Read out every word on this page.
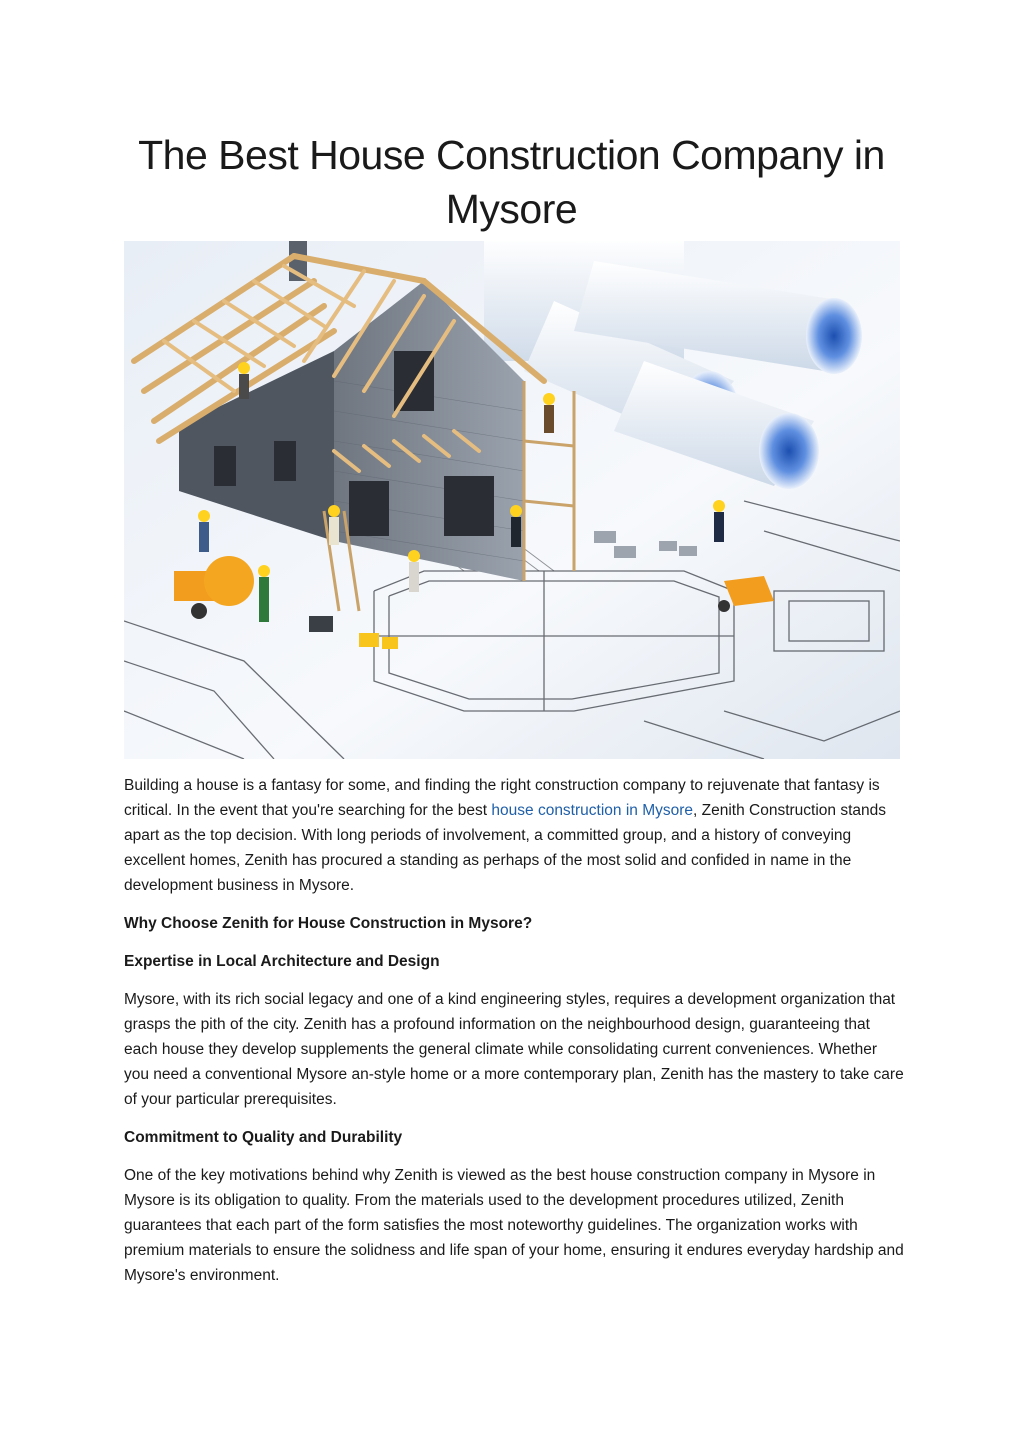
The Best House Construction Company in
Mysore

Building a house is a fantasy for some, and finding the right construction company to rejuvenate that fantasy is critical. In the event that you're searching for the best house construction in Mysore, Zenith Construction stands apart as the top decision. With long periods of involvement, a committed group, and a history of conveying excellent homes, Zenith has procured a standing as perhaps of the most solid and confided in name in the development business in Mysore.

Why Choose Zenith for House Construction in Mysore?

Expertise in Local Architecture and Design

Mysore, with its rich social legacy and one of a kind engineering styles, requires a development organization that grasps the pith of the city. Zenith has a profound information on the neighbourhood design, guaranteeing that each house they develop supplements the general climate while consolidating current conveniences. Whether you need a conventional Mysore an-style home or a more contemporary plan, Zenith has the mastery to take care of your particular prerequisites.

Commitment to Quality and Durability

One of the key motivations behind why Zenith is viewed as the best house construction company in Mysore in Mysore is its obligation to quality. From the materials used to the development procedures utilized, Zenith guarantees that each part of the form satisfies the most noteworthy guidelines. The organization works with premium materials to ensure the solidness and life span of your home, ensuring it endures everyday hardship and Mysore's environment.
